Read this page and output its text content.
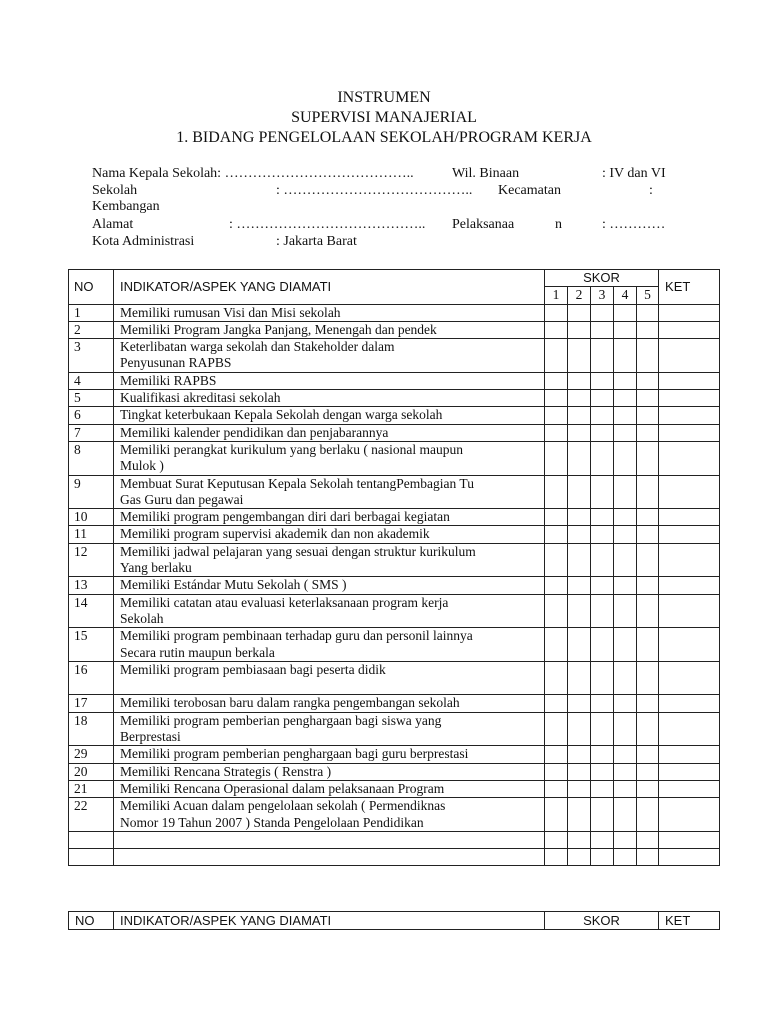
INSTRUMEN
SUPERVISI MANAJERIAL
1. BIDANG PENGELOLAAN SEKOLAH/PROGRAM KERJA
Nama Kepala Sekolah: …………………………………..	Wil. Binaan	: IV dan VI
Sekolah	: ………………………………….. Kecamatan	:
Kembangan
Alamat	: ………………………………….. Pelaksanaa	n	: …………
Kota Administrasi	: Jakarta Barat
NO	INDIKATOR/ASPEK YANG DIAMATI	SKOR					KET
		1	2	3	4	5	
1	Memiliki rumusan Visi dan Misi sekolah						
2	Memiliki Program Jangka Panjang, Menengah dan pendek						
3	Keterlibatan warga sekolah dan Stakeholder dalam						
	Penyusunan RAPBS						
4	Memiliki RAPBS						
5	Kualifikasi akreditasi sekolah						
6	Tingkat keterbukaan Kepala Sekolah dengan warga sekolah						
7	Memiliki kalender pendidikan dan penjabarannya						
8	Memiliki perangkat kurikulum yang berlaku ( nasional maupun						
	Mulok )						
9	Membuat Surat Keputusan Kepala Sekolah tentangPembagian Tu						
	Gas Guru dan pegawai						
10	Memiliki program pengembangan diri dari berbagai kegiatan						
11	Memiliki program supervisi akademik dan non akademik						
12	Memiliki jadwal pelajaran yang sesuai dengan struktur kurikulum						
	Yang berlaku						
13	Memiliki Estándar Mutu Sekolah ( SMS )						
14	Memiliki catatan atau evaluasi keterlaksanaan program kerja						
	Sekolah						
15	Memiliki program pembinaan terhadap guru dan personil lainnya						
	Secara rutin maupun berkala						
16	Memiliki program pembiasaan bagi peserta didik						

17	Memiliki terobosan baru dalam rangka pengembangan sekolah						
18	Memiliki program pemberian penghargaan bagi siswa yang						
	Berprestasi						
29	Memiliki program pemberian penghargaan bagi guru berprestasi						
20	Memiliki Rencana Strategis ( Renstra )						
21	Memiliki Rencana Operasional dalam pelaksanaan Program						
22	Memiliki Acuan dalam pengelolaan sekolah ( Permendiknas						
	Nomor 19 Tahun 2007 ) Standa Pengelolaan Pendidikan						

NO	INDIKATOR/ASPEK YANG DIAMATI	SKOR	KET
